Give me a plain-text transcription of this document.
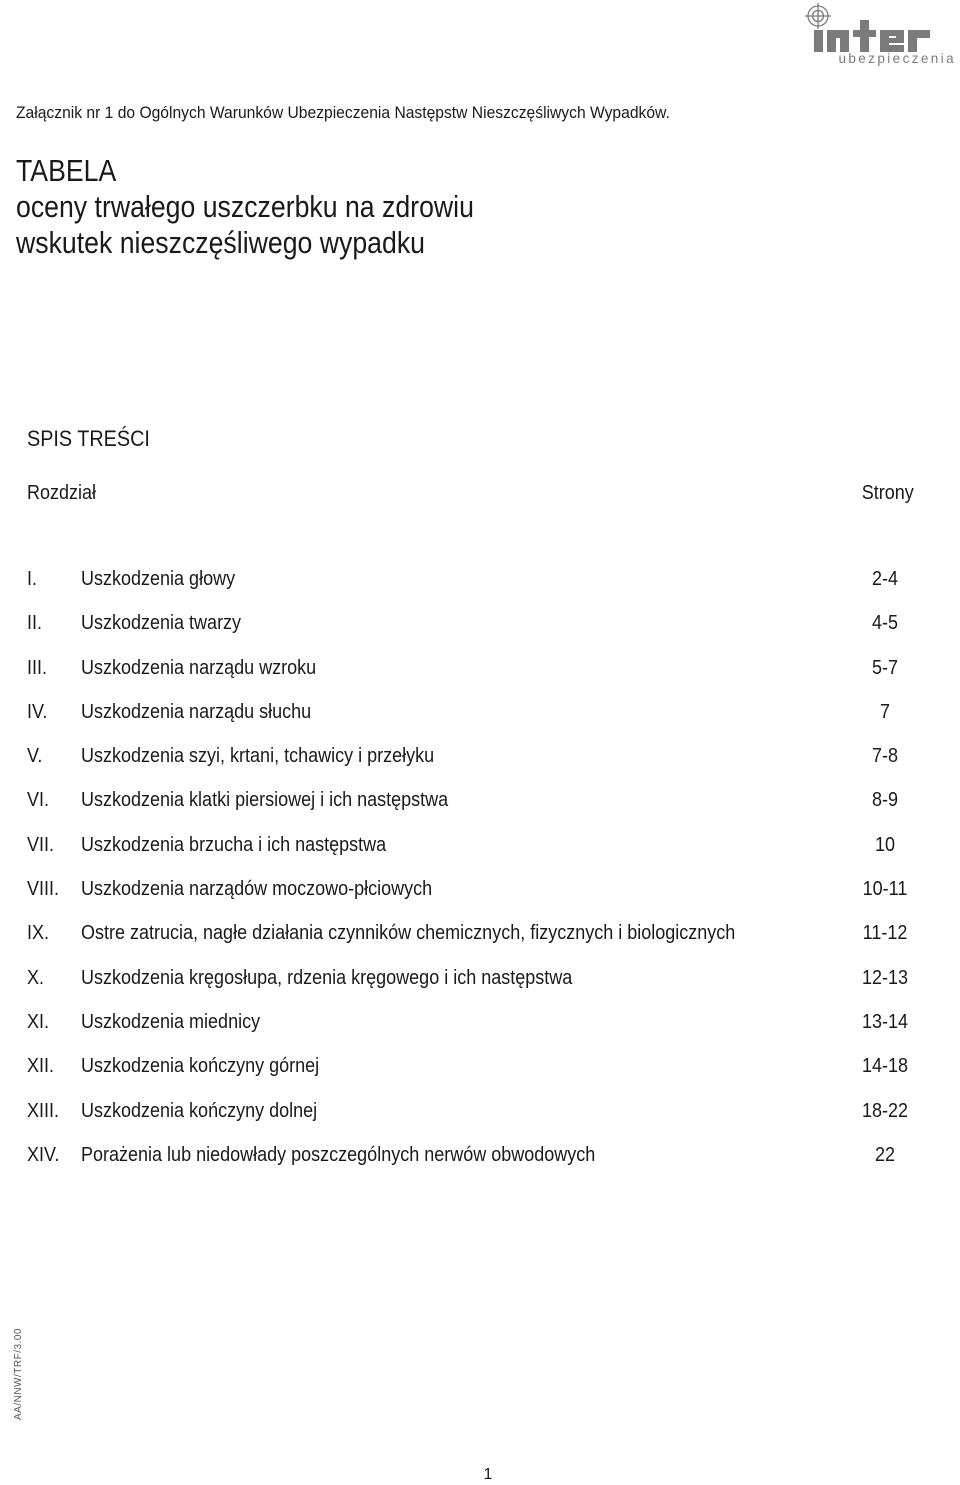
ubezpieczenia

Załącznik nr 1 do Ogólnych Warunków Ubezpieczenia Następstw Nieszczęśliwych Wypadków.

TABELA
oceny trwałego uszczerbku na zdrowiu
wskutek nieszczęśliwego wypadku
SPIS TREŚCI
Rozdział	Strony
I. Uszkodzenia głowy	2-4
II. Uszkodzenia twarzy	4-5
III. Uszkodzenia narządu wzroku	5-7
IV. Uszkodzenia narządu słuchu	7
V. Uszkodzenia szyi, krtani, tchawicy i przełyku	7-8
VI. Uszkodzenia klatki piersiowej i ich następstwa	8-9
VII. Uszkodzenia brzucha i ich następstwa	10
VIII. Uszkodzenia narządów moczowo-płciowych	10-11
IX. Ostre zatrucia, nagłe działania czynników chemicznych, fizycznych i biologicznych	11-12
X. Uszkodzenia kręgosłupa, rdzenia kręgowego i ich następstwa	12-13
XI. Uszkodzenia miednicy	13-14
XII. Uszkodzenia kończyny górnej	14-18
XIII. Uszkodzenia kończyny dolnej	18-22
XIV. Porażenia lub niedowłady poszczególnych nerwów obwodowych	22
AA/NNW/TRF/3.00

1
